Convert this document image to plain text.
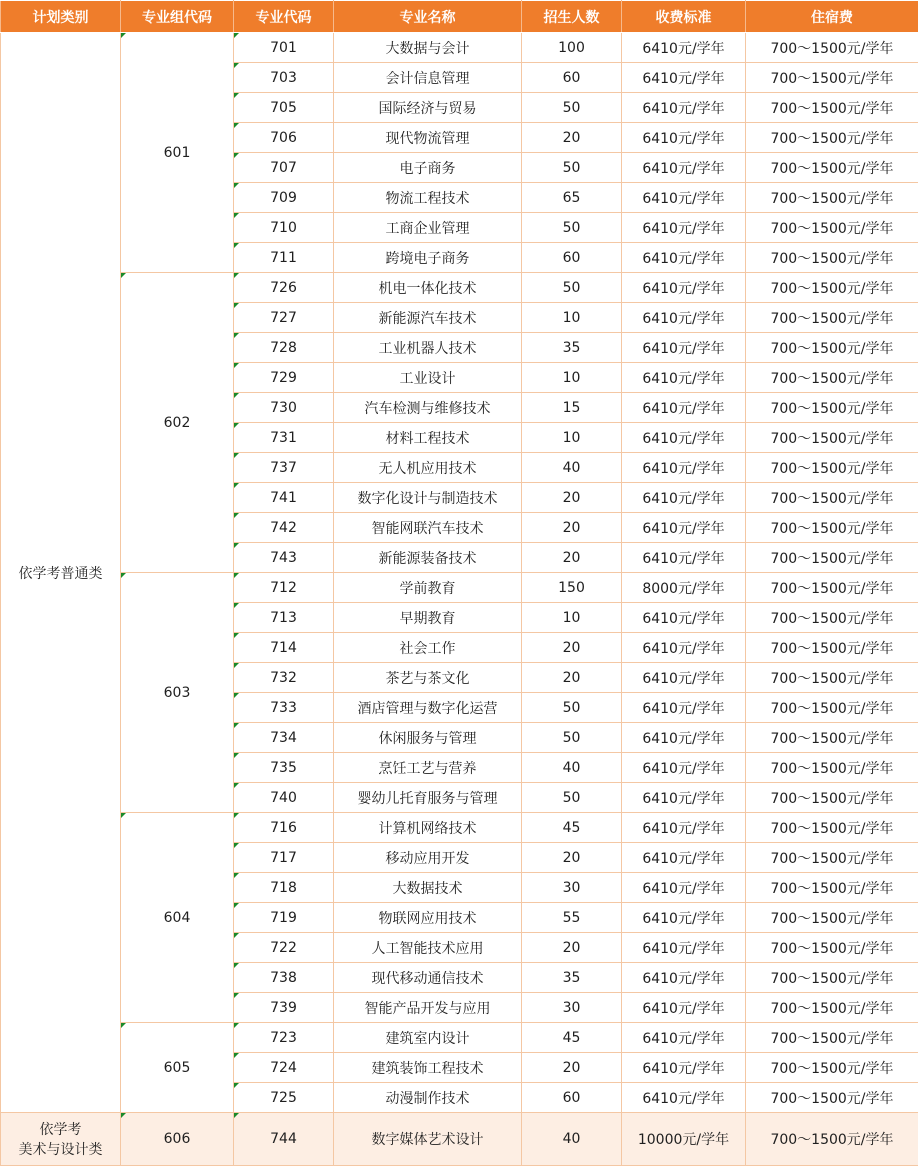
计划类别	专业组代码	专业代码	专业名称	招生人数	收费标准	住宿费
依学考普通类	601	701	大数据与会计	100	6410元/学年	700～1500元/学年
		703	会计信息管理	60	6410元/学年	700～1500元/学年
		705	国际经济与贸易	50	6410元/学年	700～1500元/学年
		706	现代物流管理	20	6410元/学年	700～1500元/学年
		707	电子商务	50	6410元/学年	700～1500元/学年
		709	物流工程技术	65	6410元/学年	700～1500元/学年
		710	工商企业管理	50	6410元/学年	700～1500元/学年
		711	跨境电子商务	60	6410元/学年	700～1500元/学年
	602	726	机电一体化技术	50	6410元/学年	700～1500元/学年
		727	新能源汽车技术	10	6410元/学年	700～1500元/学年
		728	工业机器人技术	35	6410元/学年	700～1500元/学年
		729	工业设计	10	6410元/学年	700～1500元/学年
		730	汽车检测与维修技术	15	6410元/学年	700～1500元/学年
		731	材料工程技术	10	6410元/学年	700～1500元/学年
		737	无人机应用技术	40	6410元/学年	700～1500元/学年
		741	数字化设计与制造技术	20	6410元/学年	700～1500元/学年
		742	智能网联汽车技术	20	6410元/学年	700～1500元/学年
		743	新能源装备技术	20	6410元/学年	700～1500元/学年
	603	712	学前教育	150	8000元/学年	700～1500元/学年
		713	早期教育	10	6410元/学年	700～1500元/学年
		714	社会工作	20	6410元/学年	700～1500元/学年
		732	茶艺与茶文化	20	6410元/学年	700～1500元/学年
		733	酒店管理与数字化运营	50	6410元/学年	700～1500元/学年
		734	休闲服务与管理	50	6410元/学年	700～1500元/学年
		735	烹饪工艺与营养	40	6410元/学年	700～1500元/学年
		740	婴幼儿托育服务与管理	50	6410元/学年	700～1500元/学年
	604	716	计算机网络技术	45	6410元/学年	700～1500元/学年
		717	移动应用开发	20	6410元/学年	700～1500元/学年
		718	大数据技术	30	6410元/学年	700～1500元/学年
		719	物联网应用技术	55	6410元/学年	700～1500元/学年
		722	人工智能技术应用	20	6410元/学年	700～1500元/学年
		738	现代移动通信技术	35	6410元/学年	700～1500元/学年
		739	智能产品开发与应用	30	6410元/学年	700～1500元/学年
	605	723	建筑室内设计	45	6410元/学年	700～1500元/学年
		724	建筑装饰工程技术	20	6410元/学年	700～1500元/学年
		725	动漫制作技术	60	6410元/学年	700～1500元/学年

依学考
美术与设计类	606	744	数字媒体艺术设计	40	10000元/学年	700～1500元/学年
